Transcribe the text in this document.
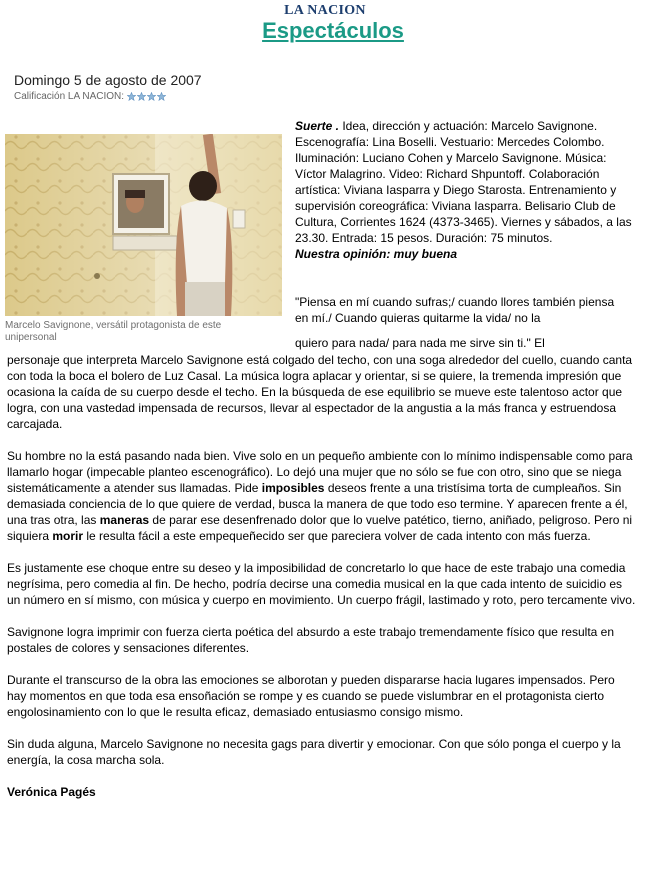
LA NACION
Espectáculos
Domingo 5 de agosto de 2007
Calificación LA NACION:
Marcelo Savignone, versátil protagonista de este unipersonal
Suerte . Idea, dirección y actuación: Marcelo Savignone. Escenografía: Lina Boselli. Vestuario: Mercedes Colombo. Iluminación: Luciano Cohen y Marcelo Savignone. Música: Víctor Malagrino. Video: Richard Shpuntoff. Colaboración artística: Viviana Iasparra y Diego Starosta. Entrenamiento y supervisión coreográfica: Viviana Iasparra. Belisario Club de Cultura, Corrientes 1624 (4373-3465). Viernes y sábados, a las 23.30. Entrada: 15 pesos. Duración: 75 minutos.
Nuestra opinión: muy buena
"Piensa en mí cuando sufras;/ cuando llores también piensa en mí./ Cuando quieras quitarme la vida/ no la
quiero para nada/ para nada me sirve sin ti." El

personaje que interpreta Marcelo Savignone está colgado del techo, con una soga alrededor del cuello, cuando canta con toda la boca el bolero de Luz Casal. La música logra aplacar y orientar, si se quiere, la tremenda impresión que ocasiona la caída de su cuerpo desde el techo. En la búsqueda de ese equilibrio se mueve este talentoso actor que logra, con una vastedad impensada de recursos, llevar al espectador de la angustia a la más franca y estruendosa carcajada.

Su hombre no la está pasando nada bien. Vive solo en un pequeño ambiente con lo mínimo indispensable como para llamarlo hogar (impecable planteo escenográfico). Lo dejó una mujer que no sólo se fue con otro, sino que se niega sistemáticamente a atender sus llamadas. Pide imposibles deseos frente a una tristísima torta de cumpleaños. Sin demasiada conciencia de lo que quiere de verdad, busca la manera de que todo eso termine. Y aparecen frente a él, una tras otra, las maneras de parar ese desenfrenado dolor que lo vuelve patético, tierno, aniñado, peligroso. Pero ni siquiera morir le resulta fácil a este empequeñecido ser que pareciera volver de cada intento con más fuerza.

Es justamente ese choque entre su deseo y la imposibilidad de concretarlo lo que hace de este trabajo una comedia negrísima, pero comedia al fin. De hecho, podría decirse una comedia musical en la que cada intento de suicidio es un número en sí mismo, con música y cuerpo en movimiento. Un cuerpo frágil, lastimado y roto, pero tercamente vivo.

Savignone logra imprimir con fuerza cierta poética del absurdo a este trabajo tremendamente físico que resulta en postales de colores y sensaciones diferentes.

Durante el transcurso de la obra las emociones se alborotan y pueden dispararse hacia lugares impensados. Pero hay momentos en que toda esa ensoñación se rompe y es cuando se puede vislumbrar en el protagonista cierto engolosinamiento con lo que le resulta eficaz, demasiado entusiasmo consigo mismo.

Sin duda alguna, Marcelo Savignone no necesita gags para divertir y emocionar. Con que sólo ponga el cuerpo y la energía, la cosa marcha sola.

Verónica Pagés
